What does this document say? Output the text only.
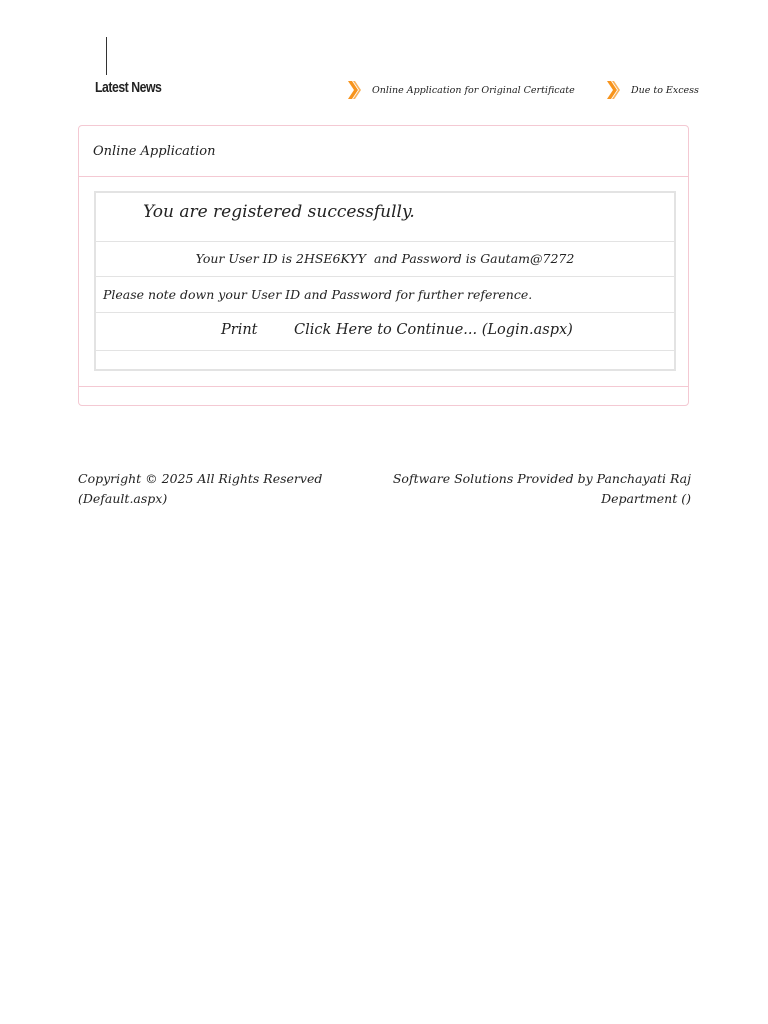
Latest News	Online Application for Original Certificate	Due to Excess
Online Application
You are registered successfully.
Your User ID is 2HSE6KYY and Password is Gautam@7272
Please note down your User ID and Password for further reference.
Print	Click Here to Continue... (Login.aspx)
Copyright © 2025 All Rights Reserved (Default.aspx)
Software Solutions Provided by Panchayati Raj Department ()
